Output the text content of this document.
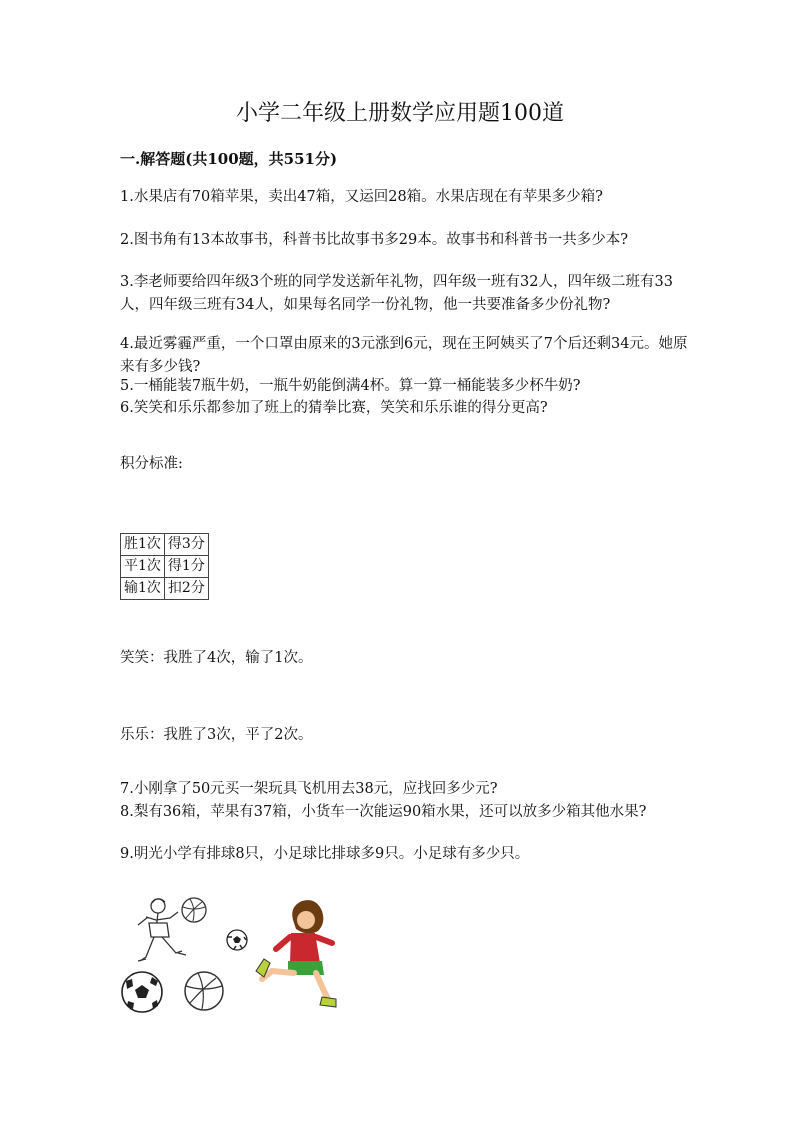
小学二年级上册数学应用题100道
一.解答题(共100题，共551分)
1.水果店有70箱苹果，卖出47箱，又运回28箱。水果店现在有苹果多少箱?
2.图书角有13本故事书，科普书比故事书多29本。故事书和科普书一共多少本?
3.李老师要给四年级3个班的同学发送新年礼物，四年级一班有32人，四年级二班有33人，四年级三班有34人，如果每名同学一份礼物，他一共要准备多少份礼物?
4.最近雾霾严重，一个口罩由原来的3元涨到6元，现在王阿姨买了7个后还剩34元。她原来有多少钱?
5.一桶能装7瓶牛奶，一瓶牛奶能倒满4杯。算一算一桶能装多少杯牛奶?
6.笑笑和乐乐都参加了班上的猜拳比赛，笑笑和乐乐谁的得分更高?
积分标准:
胜1次	得3分
平1次	得1分
输1次	扣2分
笑笑：我胜了4次，输了1次。
乐乐：我胜了3次，平了2次。
7.小刚拿了50元买一架玩具飞机用去38元，应找回多少元?
8.梨有36箱，苹果有37箱，小货车一次能运90箱水果，还可以放多少箱其他水果?
9.明光小学有排球8只，小足球比排球多9只。小足球有多少只。
